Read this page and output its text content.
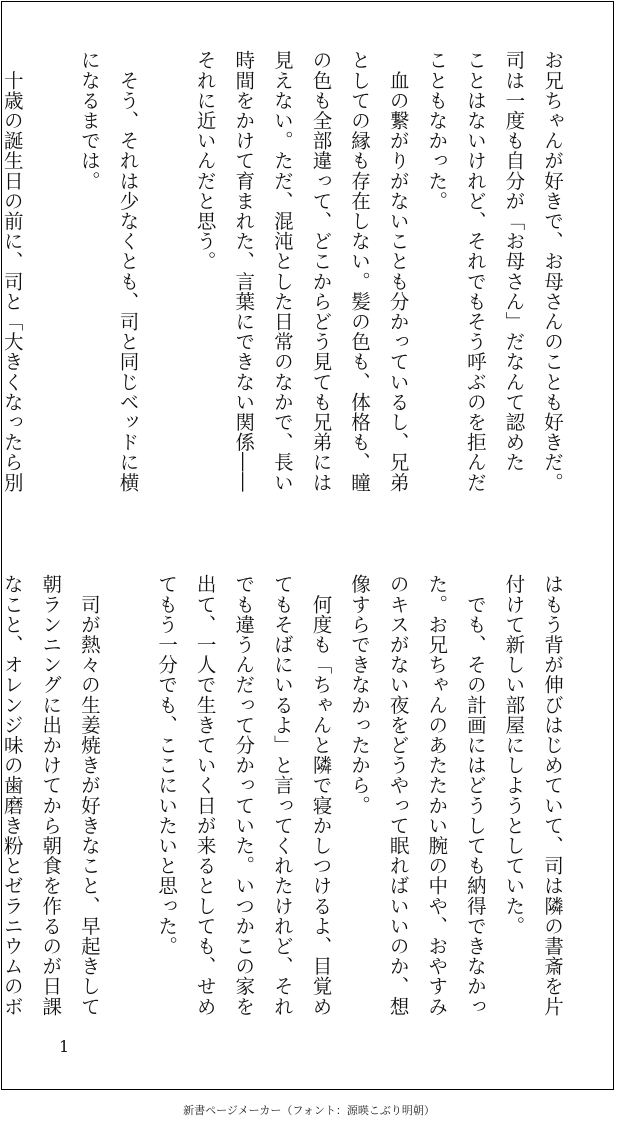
お兄ちゃんが好きで、お母さんのことも好きだ。
司は一度も自分が「お母さん」だなんて認めた
ことはないけれど、それでもそう呼ぶのを拒んだ
こともなかった。
　血の繋がりがないことも分かっているし、兄弟
としての縁も存在しない。髪の色も、体格も、瞳
の色も全部違って、どこからどう見ても兄弟には
見えない。ただ、混沌とした日常のなかで、長い
時間をかけて育まれた、言葉にできない関係――
それに近いんだと思う。

　そう、それは少なくとも、司と同じベッドに横
になるまでは。

　十歳の誕生日の前に、司と「大きくなったら別
はもう背が伸びはじめていて、司は隣の書斎を片
付けて新しい部屋にしようとしていた。
　でも、その計画にはどうしても納得できなかっ
た。お兄ちゃんのあたたかい腕の中や、おやすみ
のキスがない夜をどうやって眠ればいいのか、想
像すらできなかったから。
　何度も「ちゃんと隣で寝かしつけるよ、目覚め
てもそばにいるよ」と言ってくれたけれど、それ
でも違うんだって分かっていた。いつかこの家を
出て、一人で生きていく日が来るとしても、せめ
てもう一分でも、ここにいたいと思った。

　司が熱々の生姜焼きが好きなこと、早起きして
朝ランニングに出かけてから朝食を作るのが日課
なこと、オレンジ味の歯磨き粉とゼラニウムのボ
1
新書ページメーカー（フォント：源暎こぶり明朝）
